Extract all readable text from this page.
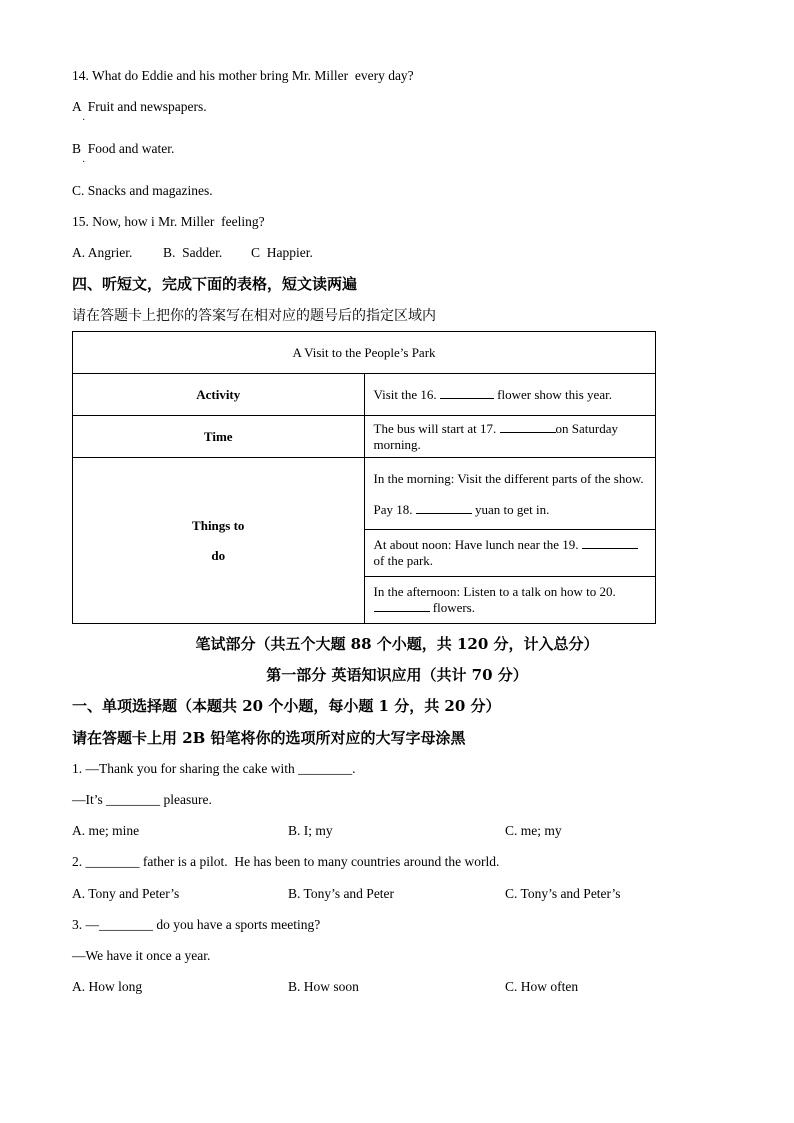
14. What do Eddie and his mother bring Mr. Miller  every day?
A  Fruit and newspapers.
·
B  Food and water.
·
C. Snacks and magazines.
15. Now, how i Mr. Miller  feeling?
A. Angrier. B.  Sadder. C  Happier.
四、听短文，完成下面的表格，短文读两遍
请在答题卡上把你的答案写在相对应的题号后的指定区域内
A Visit to the People’s Park	
Activity	Visit the 16. flower show this year.
Time	The bus will start at 17. on Saturday morning.
Things to
do	In the morning: Visit the different parts of the show. Pay 18. yuan to get in.
	At about noon: Have lunch near the 19.  of the park.
	In the afternoon: Listen to a talk on how to 20.  flowers.
笔试部分（共五个大题 88 个小题，共 120 分，计入总分）
第一部分 英语知识应用（共计 70 分）
一、单项选择题（本题共 20 个小题，每小题 1 分，共 20 分）
请在答题卡上用 2B 铅笔将你的选项所对应的大写字母涂黑
1. —Thank you for sharing the cake with ________.
—It’s ________ pleasure.
A. me; mine	B. I; my	C. me; my
2. ________ father is a pilot.  He has been to many countries around the world.
A. Tony and Peter’s	B. Tony’s and Peter	C. Tony’s and Peter’s
3. —________ do you have a sports meeting?
—We have it once a year.
A. How long	B. How soon	C. How often
